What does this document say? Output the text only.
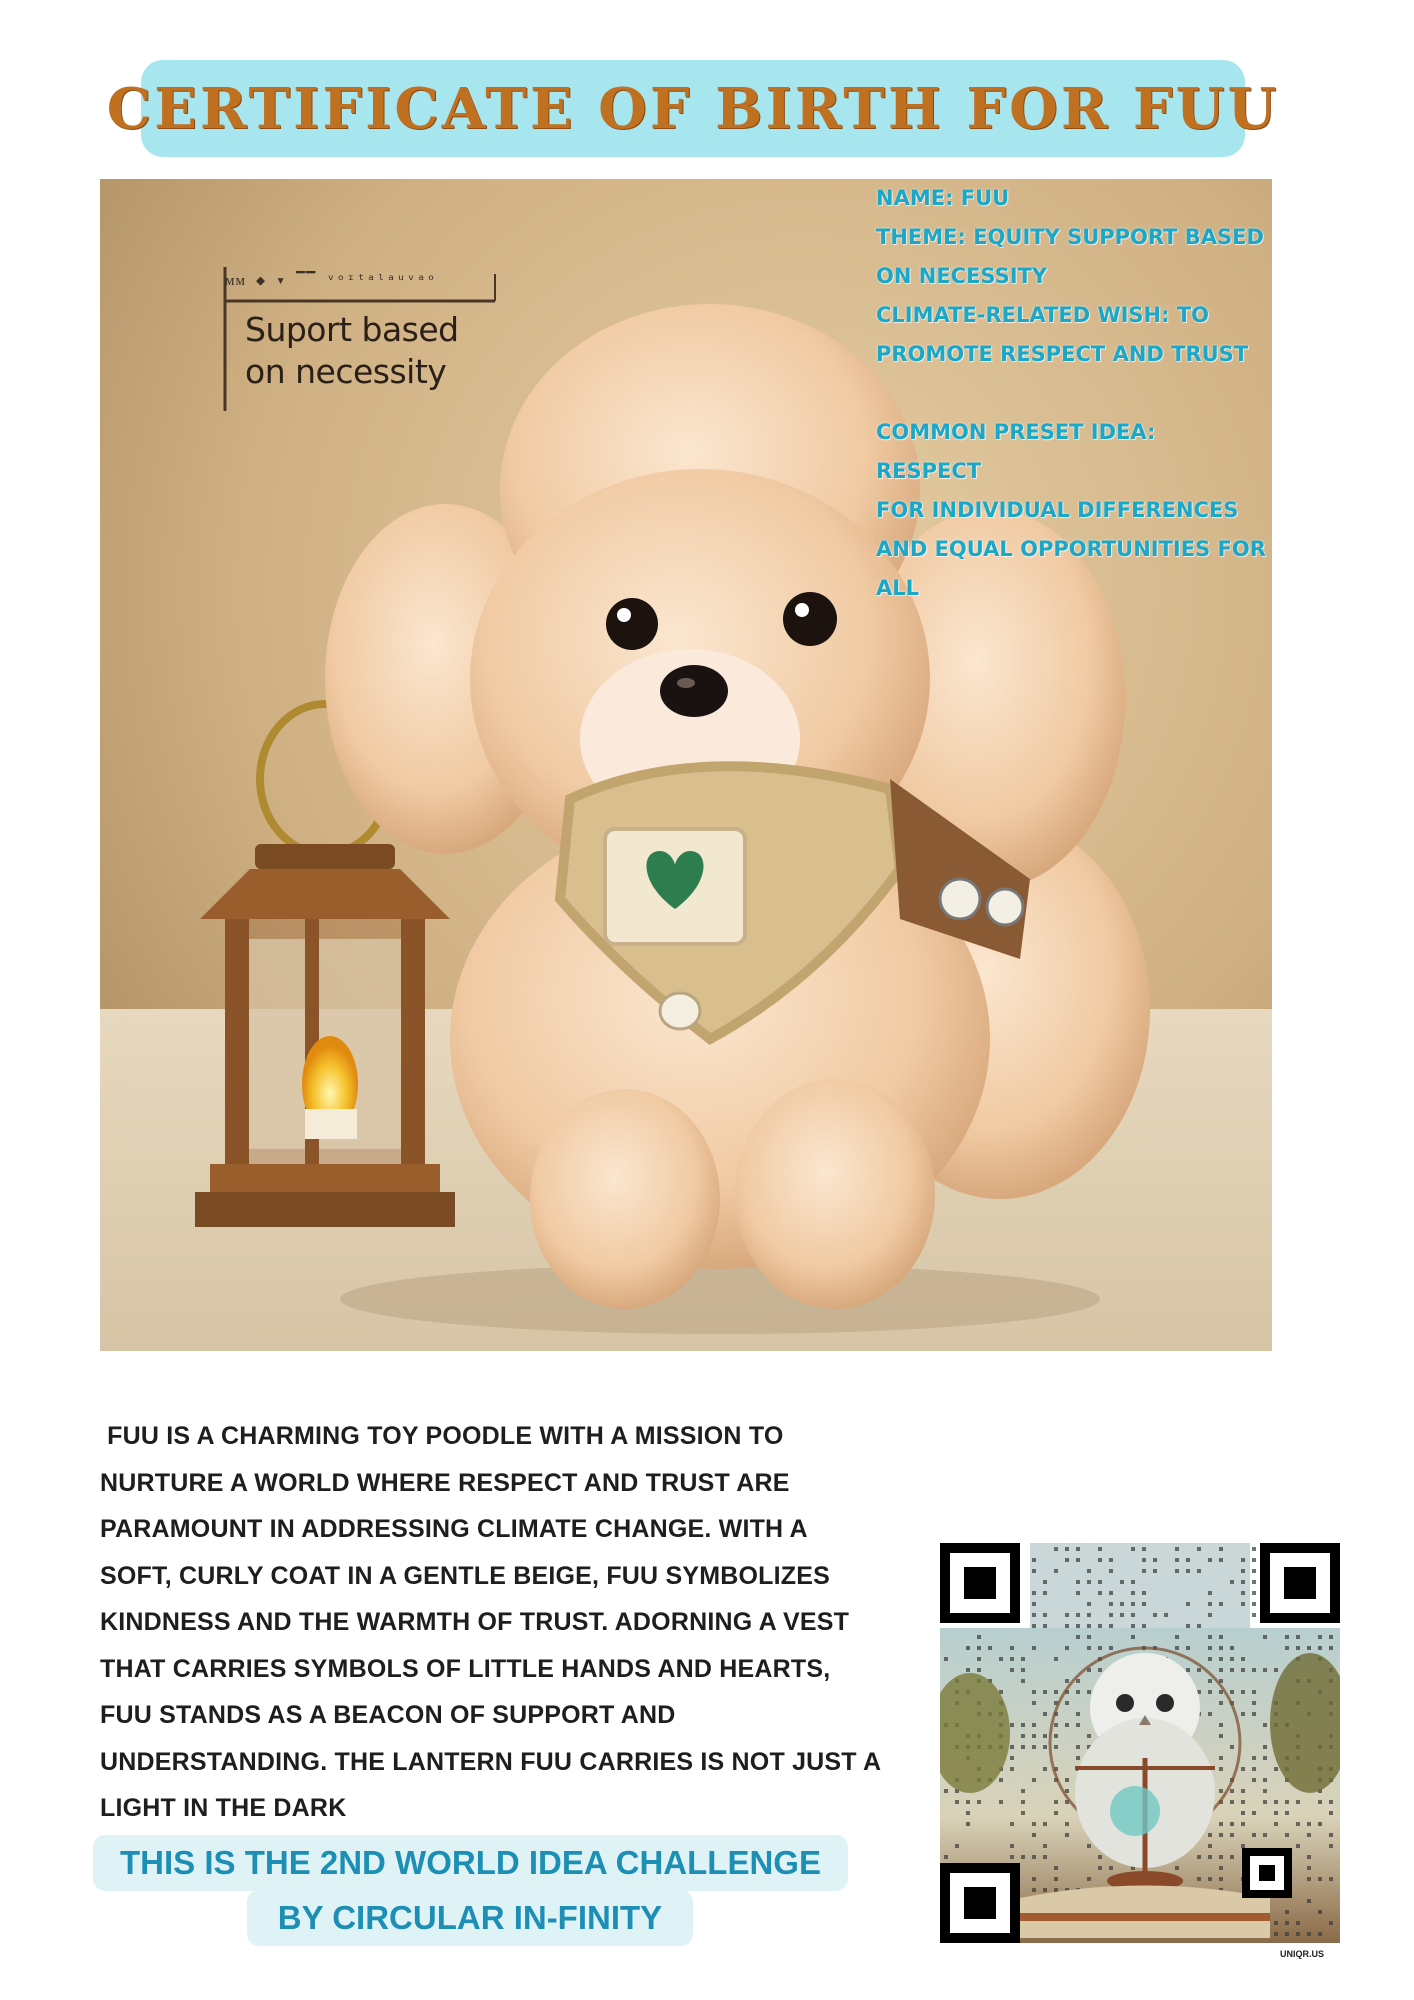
CERTIFICATE OF BIRTH FOR FUU
ᴍᴍ ◆ ▾ ▔▔ ᵛᵒᶦᵗᵃˡᵃᵘᵛᵃᵒ
Suport based
on necessity

NAME: FUU

THEME: EQUITY SUPPORT BASED

ON NECESSITY

CLIMATE-RELATED WISH: TO

PROMOTE RESPECT AND TRUST

COMMON PRESET IDEA: RESPECT

FOR INDIVIDUAL DIFFERENCES

AND EQUAL OPPORTUNITIES FOR

ALL

FUU IS A CHARMING TOY POODLE WITH A MISSION TO
NURTURE A WORLD WHERE RESPECT AND TRUST ARE
PARAMOUNT IN ADDRESSING CLIMATE CHANGE. WITH A
SOFT, CURLY COAT IN A GENTLE BEIGE, FUU SYMBOLIZES
KINDNESS AND THE WARMTH OF TRUST. ADORNING A VEST
THAT CARRIES SYMBOLS OF LITTLE HANDS AND HEARTS,
FUU STANDS AS A BEACON OF SUPPORT AND
UNDERSTANDING. THE LANTERN FUU CARRIES IS NOT JUST A
LIGHT IN THE DARK
THIS IS THE 2ND WORLD IDEA CHALLENGE
BY CIRCULAR IN-FINITY
UNIQR.US
